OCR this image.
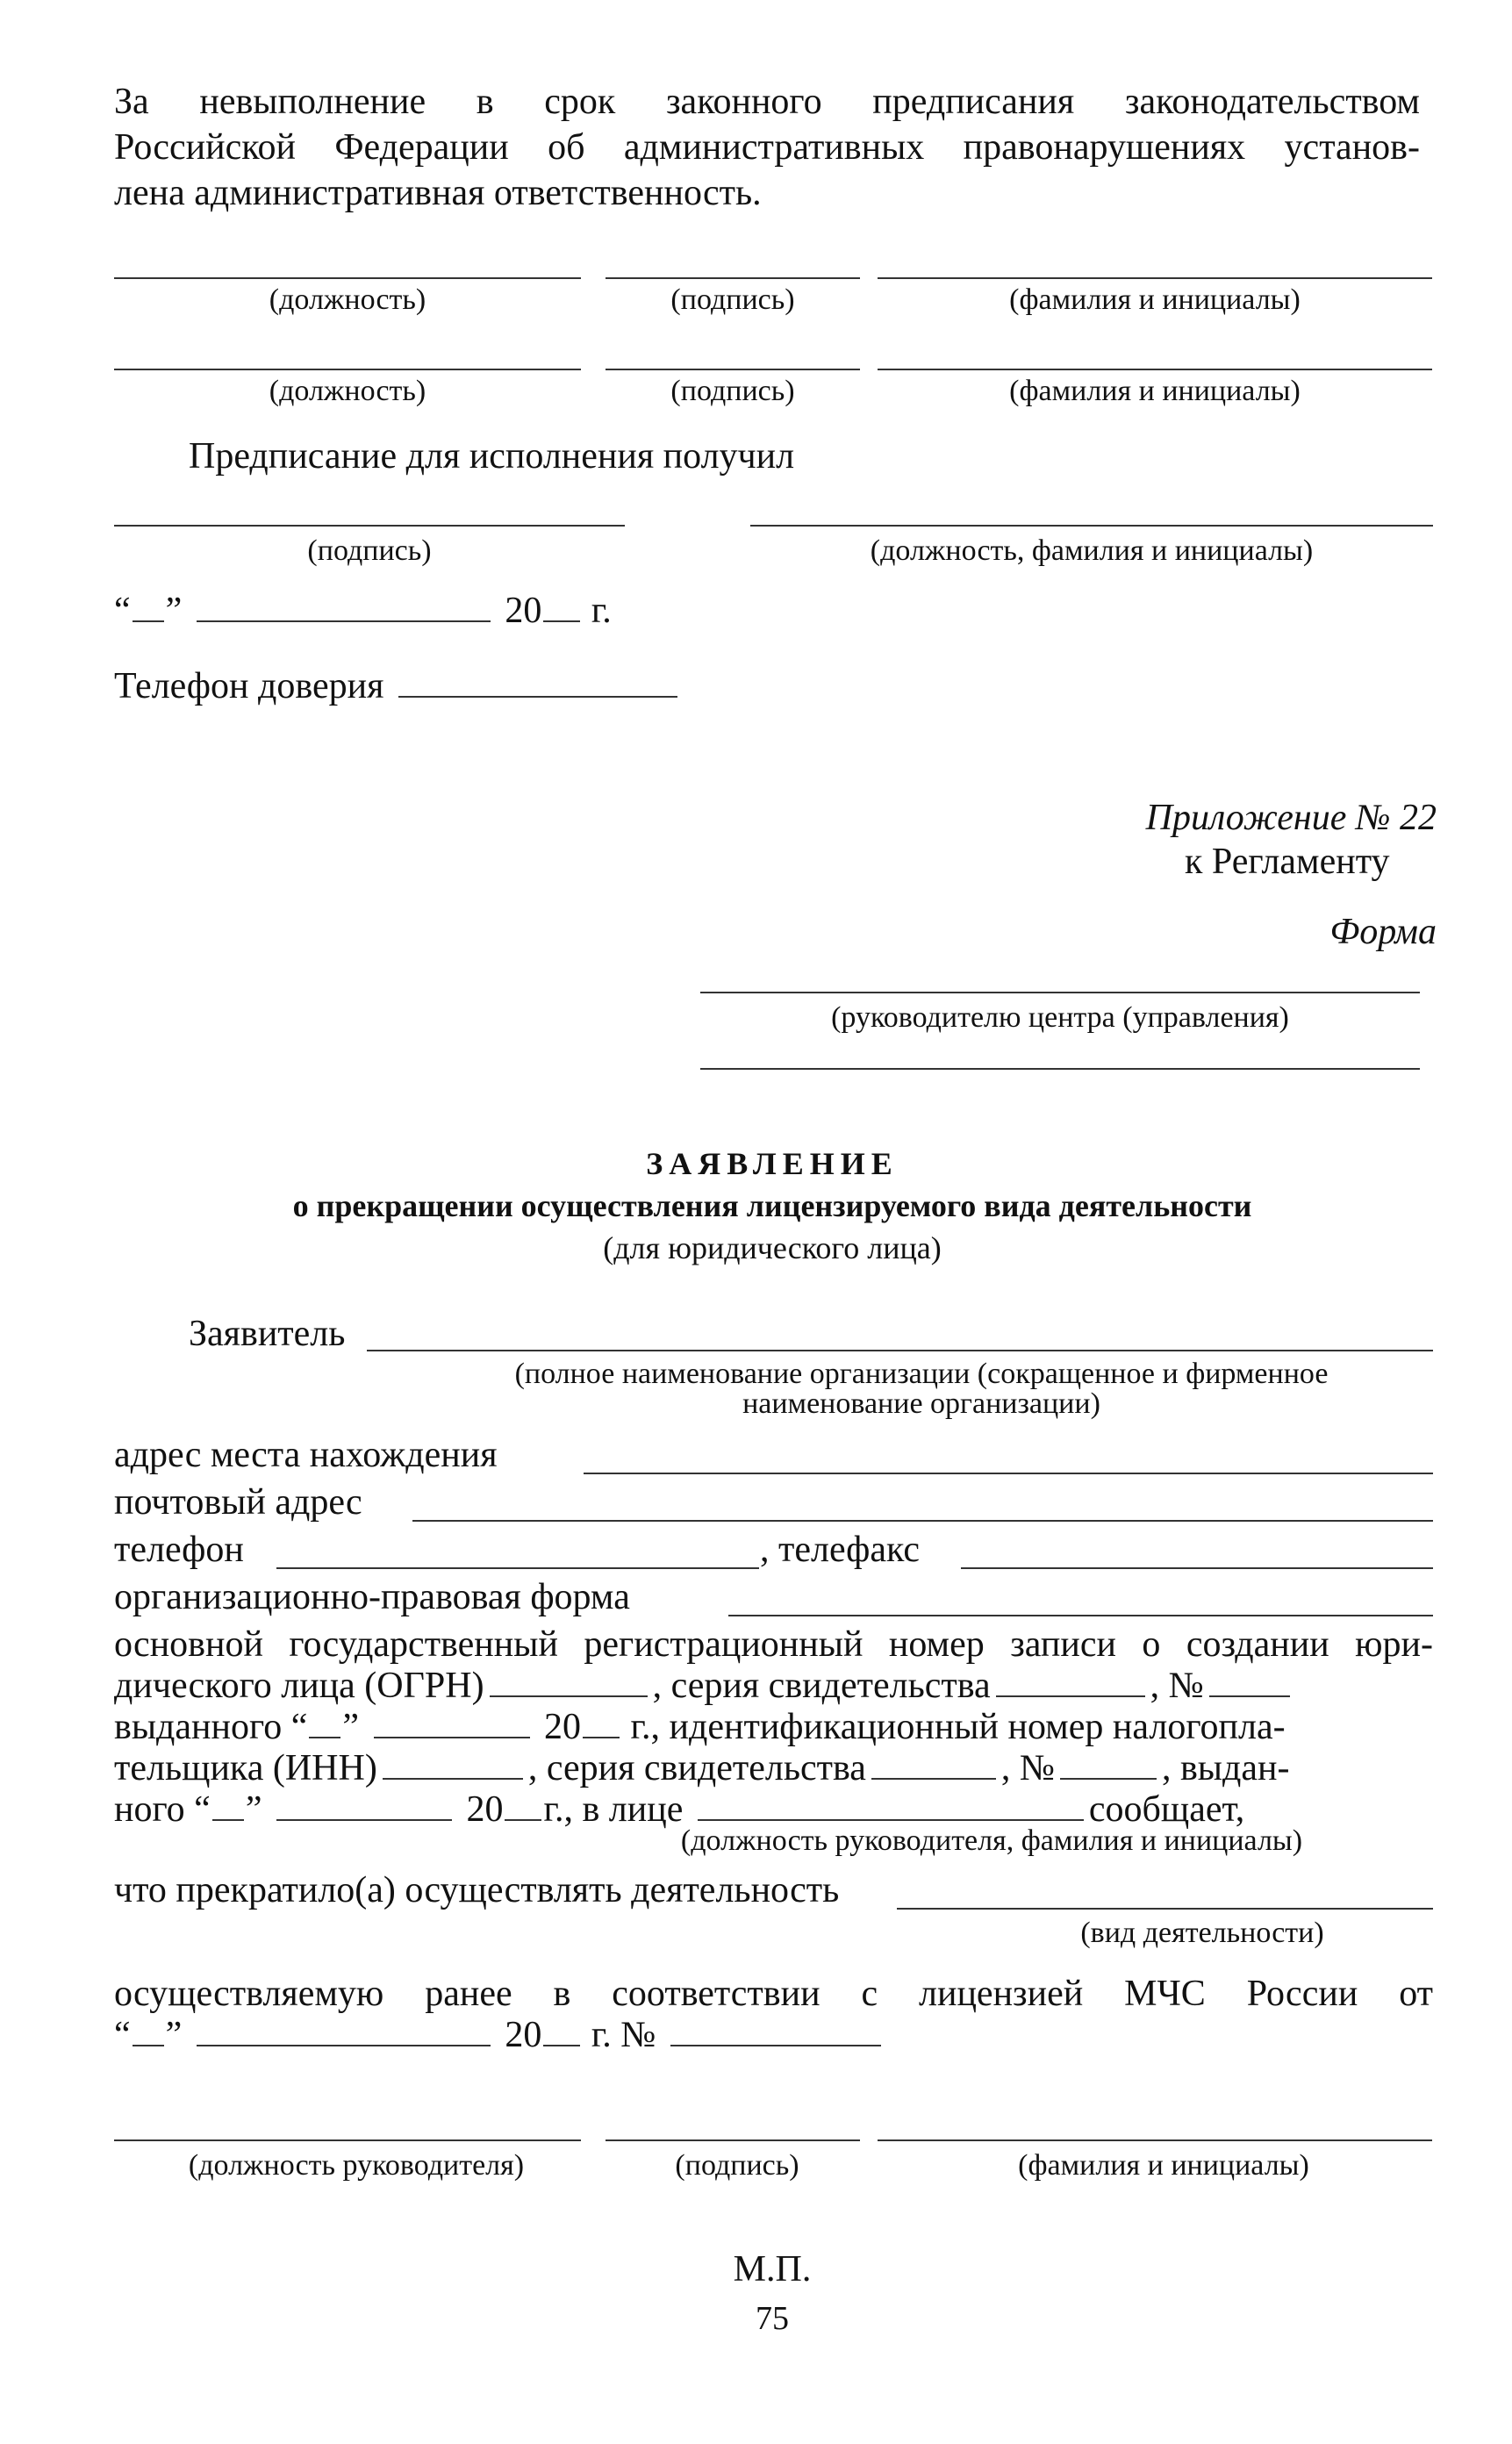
За невыполнение в срок законного предписания законодательством
Российской Федерации об административных правонарушениях установ-
лена административная ответственность.
(должность)	(подпись)	(фамилия и инициалы)
(должность)	(подпись)	(фамилия и инициалы)
Предписание для исполнения получил
(подпись)	(должность, фамилия и инициалы)
“ ”	20 г.
Телефон доверия
Приложение № 22
к Регламенту
Форма
(руководителю центра (управления)
ЗАЯВЛЕНИЕ
о прекращении осуществления лицензируемого вида деятельности
(для юридического лица)
Заявитель
(полное наименование организации (сокращенное и фирменное
наименование организации)
адрес места нахождения
почтовый адрес
телефон	, телефакс
организационно-правовая форма
основной государственный регистрационный номер записи о создании юри-
дического лица (ОГРН)	, серия свидетельства	, №
выданного “ ”	20 г., идентификационный номер налогопла-
тельщика (ИНН)	, серия свидетельства	, №	, выдан-
ного “ ”	20 г., в лице	сообщает,
(должность руководителя, фамилия и инициалы)
что прекратило(а) осуществлять деятельность
(вид деятельности)
осуществляемую ранее в соответствии с лицензией МЧС России от
“ ”	20 г. №
(должность руководителя)	(подпись)	(фамилия и инициалы)
М.П.
75
